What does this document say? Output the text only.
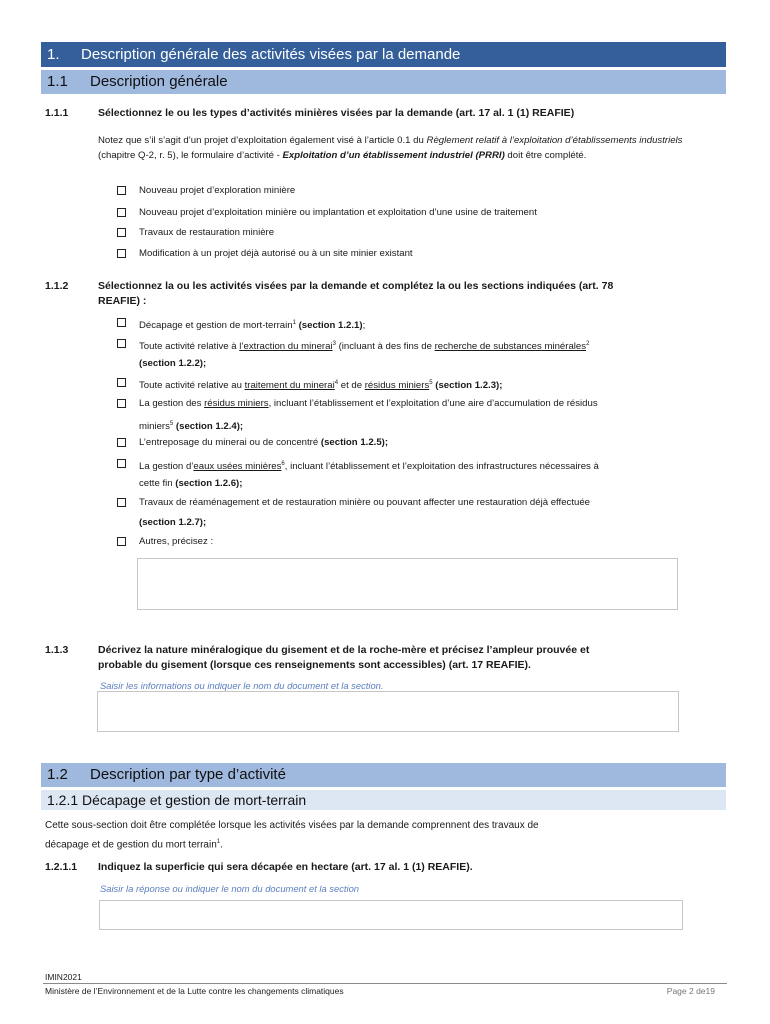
1. Description générale des activités visées par la demande
1.1 Description générale
1.1.1	Sélectionnez le ou les types d’activités minières visées par la demande (art. 17 al. 1 (1) REAFIE)
Notez que s’il s’agit d’un projet d’exploitation également visé à l’article 0.1 du Règlement relatif à l’exploitation d’établissements industriels (chapitre Q-2, r. 5), le formulaire d’activité - Exploitation d’un établissement industriel (PRRI) doit être complété.
Nouveau projet d’exploration minière
Nouveau projet d’exploitation minière ou implantation et exploitation d’une usine de traitement
Travaux de restauration minière
Modification à un projet déjà autorisé ou à un site minier existant
1.1.2	Sélectionnez la ou les activités visées par la demande et complétez la ou les sections indiquées (art. 78
REAFIE) :
Décapage et gestion de mort-terrain$^1$ (section 1.2.1);
Toute activité relative à l’extraction du minerai$^3$ (incluant à des fins de recherche de substances minérales$^2$
(section 1.2.2);
Toute activité relative au traitement du minerai$^4$ et de résidus miniers$^5$ (section 1.2.3);
La gestion des résidus miniers, incluant l’établissement et l’exploitation d’une aire d’accumulation de résidus
miniers$^5$ (section 1.2.4);
L’entreposage du minerai ou de concentré (section 1.2.5);
La gestion d’eaux usées minières$^6$, incluant l’établissement et l’exploitation des infrastructures nécessaires à
cette fin (section 1.2.6);
Travaux de réaménagement et de restauration minière ou pouvant affecter une restauration déjà effectuée
(section 1.2.7);
Autres, précisez :
1.1.3	Décrivez la nature minéralogique du gisement et de la roche-mère et précisez l’ampleur prouvée et
probable du gisement (lorsque ces renseignements sont accessibles) (art. 17 REAFIE).
Saisir les informations ou indiquer le nom du document et la section.
1.2 Description par type d’activité
1.2.1 Décapage et gestion de mort-terrain
Cette sous-section doit être complétée lorsque les activités visées par la demande comprennent des travaux de
décapage et de gestion du mort terrain$^1$.
1.2.1.1 Indiquez la superficie qui sera décapée en hectare (art. 17 al. 1 (1) REAFIE).
Saisir la réponse ou indiquer le nom du document et la section
IMIN2021
Ministère de l’Environnement et de la Lutte contre les changements climatiques	Page 2 de19
